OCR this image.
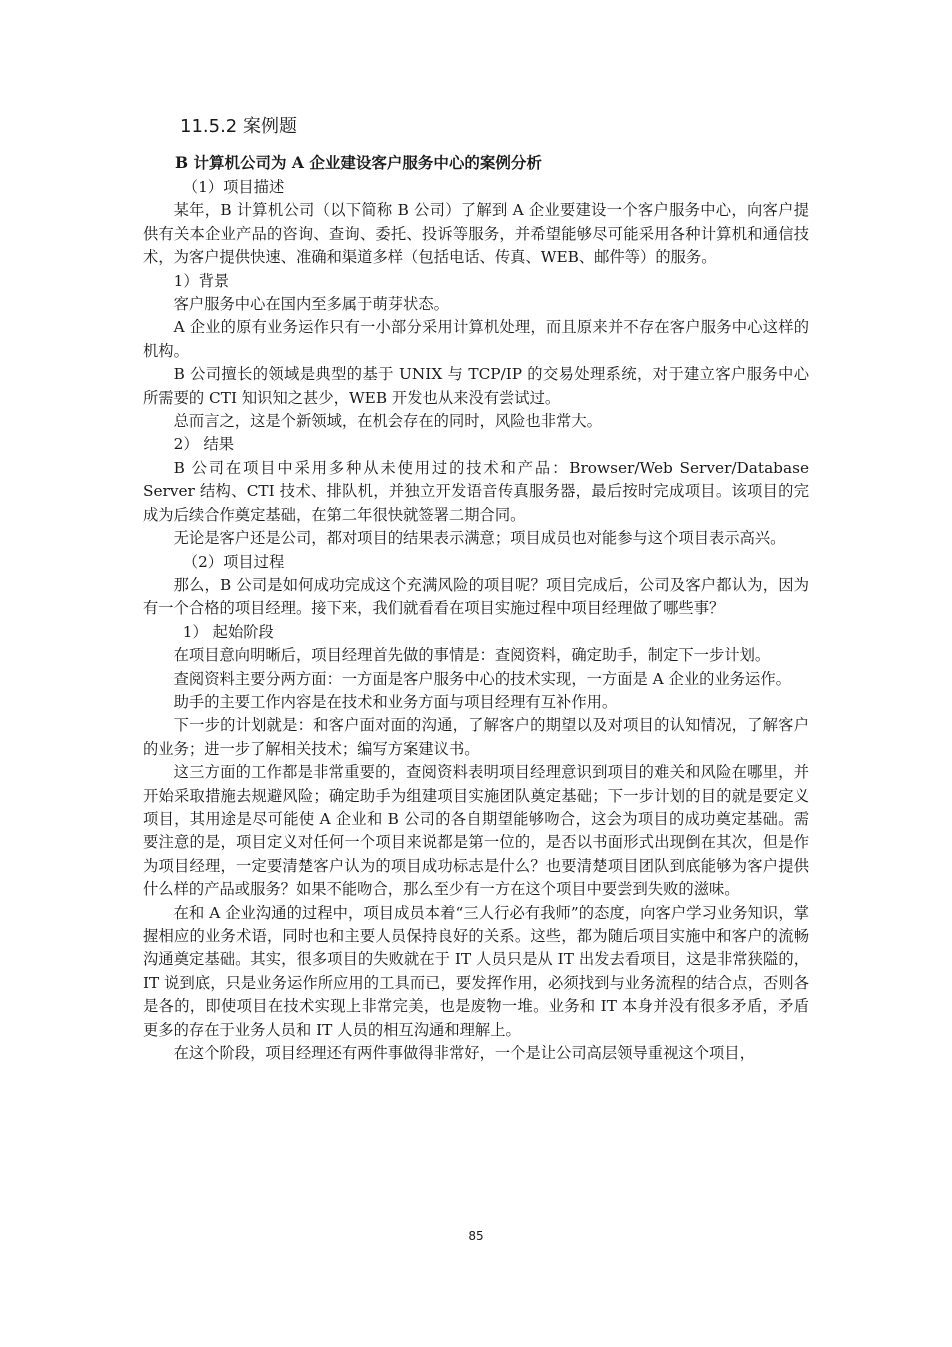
11.5.2 案例题
B 计算机公司为 A 企业建设客户服务中心的案例分析

（1）项目描述

某年，B 计算机公司（以下简称 B 公司）了解到 A 企业要建设一个客户服务中心，向客户提供有关本企业产品的咨询、查询、委托、投诉等服务，并希望能够尽可能采用各种计算机和通信技术，为客户提供快速、准确和渠道多样（包括电话、传真、WEB、邮件等）的服务。

1）背景

客户服务中心在国内至多属于萌芽状态。

A 企业的原有业务运作只有一小部分采用计算机处理，而且原来并不存在客户服务中心这样的机构。

B 公司擅长的领域是典型的基于 UNIX 与 TCP/IP 的交易处理系统，对于建立客户服务中心所需要的 CTI 知识知之甚少，WEB 开发也从来没有尝试过。

总而言之，这是个新领域，在机会存在的同时，风险也非常大。

2） 结果

B 公司在项目中采用多种从未使用过的技术和产品：Browser/Web Server/Database Server 结构、CTI 技术、排队机，并独立开发语音传真服务器，最后按时完成项目。该项目的完成为后续合作奠定基础，在第二年很快就签署二期合同。

无论是客户还是公司，都对项目的结果表示满意；项目成员也对能参与这个项目表示高兴。

（2）项目过程

那么，B 公司是如何成功完成这个充满风险的项目呢？项目完成后，公司及客户都认为，因为有一个合格的项目经理。接下来，我们就看看在项目实施过程中项目经理做了哪些事？

1） 起始阶段

在项目意向明晰后，项目经理首先做的事情是：查阅资料，确定助手，制定下一步计划。

查阅资料主要分两方面：一方面是客户服务中心的技术实现，一方面是 A 企业的业务运作。

助手的主要工作内容是在技术和业务方面与项目经理有互补作用。

下一步的计划就是：和客户面对面的沟通，了解客户的期望以及对项目的认知情况，了解客户的业务；进一步了解相关技术；编写方案建议书。

这三方面的工作都是非常重要的，查阅资料表明项目经理意识到项目的难关和风险在哪里，并开始采取措施去规避风险；确定助手为组建项目实施团队奠定基础；下一步计划的目的就是要定义项目，其用途是尽可能使 A 企业和 B 公司的各自期望能够吻合，这会为项目的成功奠定基础。需要注意的是，项目定义对任何一个项目来说都是第一位的，是否以书面形式出现倒在其次，但是作为项目经理，一定要清楚客户认为的项目成功标志是什么？也要清楚项目团队到底能够为客户提供什么样的产品或服务？如果不能吻合，那么至少有一方在这个项目中要尝到失败的滋味。

在和 A 企业沟通的过程中，项目成员本着“三人行必有我师”的态度，向客户学习业务知识，掌握相应的业务术语，同时也和主要人员保持良好的关系。这些，都为随后项目实施中和客户的流畅沟通奠定基础。其实，很多项目的失败就在于 IT 人员只是从 IT 出发去看项目，这是非常狭隘的，IT 说到底，只是业务运作所应用的工具而已，要发挥作用，必须找到与业务流程的结合点，否则各是各的，即使项目在技术实现上非常完美，也是废物一堆。业务和 IT 本身并没有很多矛盾，矛盾更多的存在于业务人员和 IT 人员的相互沟通和理解上。

在这个阶段，项目经理还有两件事做得非常好，一个是让公司高层领导重视这个项目，

85
